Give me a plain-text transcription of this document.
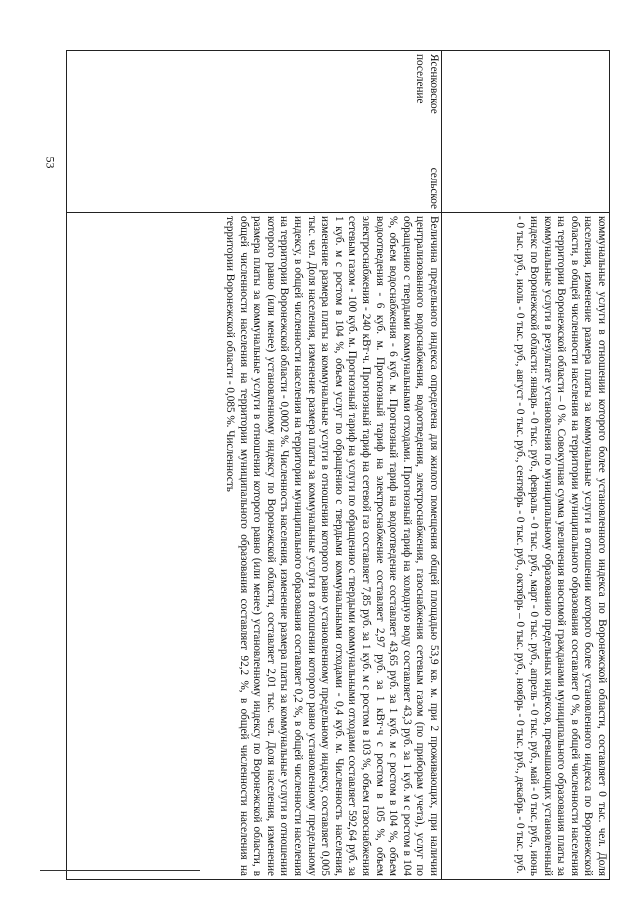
	коммунальные услуги в отношении которого более установленного индекса по Воронежской области, составляет 0 тыс. чел. Доля населения, изменение размера платы за коммунальные услуги в отношении которого более установленного индекса по Воронежской области, в общей численности населения на территории муниципального образования составляет 0 %, в общей численности населения на территории Воронежской области – 0 %. Совокупная сумма увеличения вносимой гражданами муниципального образования платы за коммунальные услуги в результате установления по муниципальному образованию предельных индексов, превышающих установленный индекс по Воронежской области: январь - 0 тыс. руб., февраль - 0 тыс. руб., март - 0 тыс. руб., апрель - 0 тыс. руб., май - 0 тыс. руб., июнь - 0 тыс. руб., июль - 0 тыс. руб., август - 0 тыс. руб., сентябрь - 0 тыс. руб., октябрь – 0 тыс. руб., ноябрь - 0 тыс. руб., декабрь - 0 тыс. руб.
Ясенковское сельское поселение	Величина предельного индекса определена для жилого помещения общей площадью 53,9 кв. м. при 2 проживающих, при наличии централизованного водоснабжения, водоотведения, электроснабжения, газоснабжения сетевым газом (по приборам учета), услуг по обращению с твердыми коммунальными отходами. Прогнозный тариф на холодную воду составляет 43,3 руб. за 1 куб. м с ростом в 104 %, объем водоснабжения - 6 куб. м. Прогнозный тариф на водоотведение составляет 43,65 руб. за 1 куб. м с ростом в 104 %, объем водоотведения - 6 куб. м. Прогнозный тариф на электроснабжение составляет 2,97 руб. за 1 кВт·ч с ростом в 105 %, объем электроснабжения - 240 кВт·ч. Прогнозный тариф на сетевой газ составляет 7,85 руб. за 1 куб. м с ростом в 103 %, объем газоснабжения сетевым газом - 100 куб. м. Прогнозный тариф на услуги по обращению с твердыми коммунальными отходами составляет 592,64 руб. за 1 куб. м с ростом в 104 %, объем услуг по обращению с твердыми коммунальными отходами - 0,4 куб. м. Численность населения, изменение размера платы за коммунальные услуги в отношении которого равно установленному предельному индексу, составляет 0,005 тыс. чел. Доля населения, изменение размера платы за коммунальные услуги в отношении которого равно установленному предельному индексу, в общей численности населения на территории муниципального образования составляет 0,2 %, в общей численности населения на территории Воронежской области - 0,0002 %. Численность населения, изменение размера платы за коммунальные услуги в отношении которого равно (или менее) установленному индексу по Воронежской области, составляет 2,01 тыс. чел. Доля населения, изменение размера платы за коммунальные услуги в отношении которого равно (или менее) установленному индексу по Воронежской области, в общей численности населения на территории муниципального образования составляет 92,2 %, в общей численности населения на территории Воронежской области - 0,085 %. Численность
53
